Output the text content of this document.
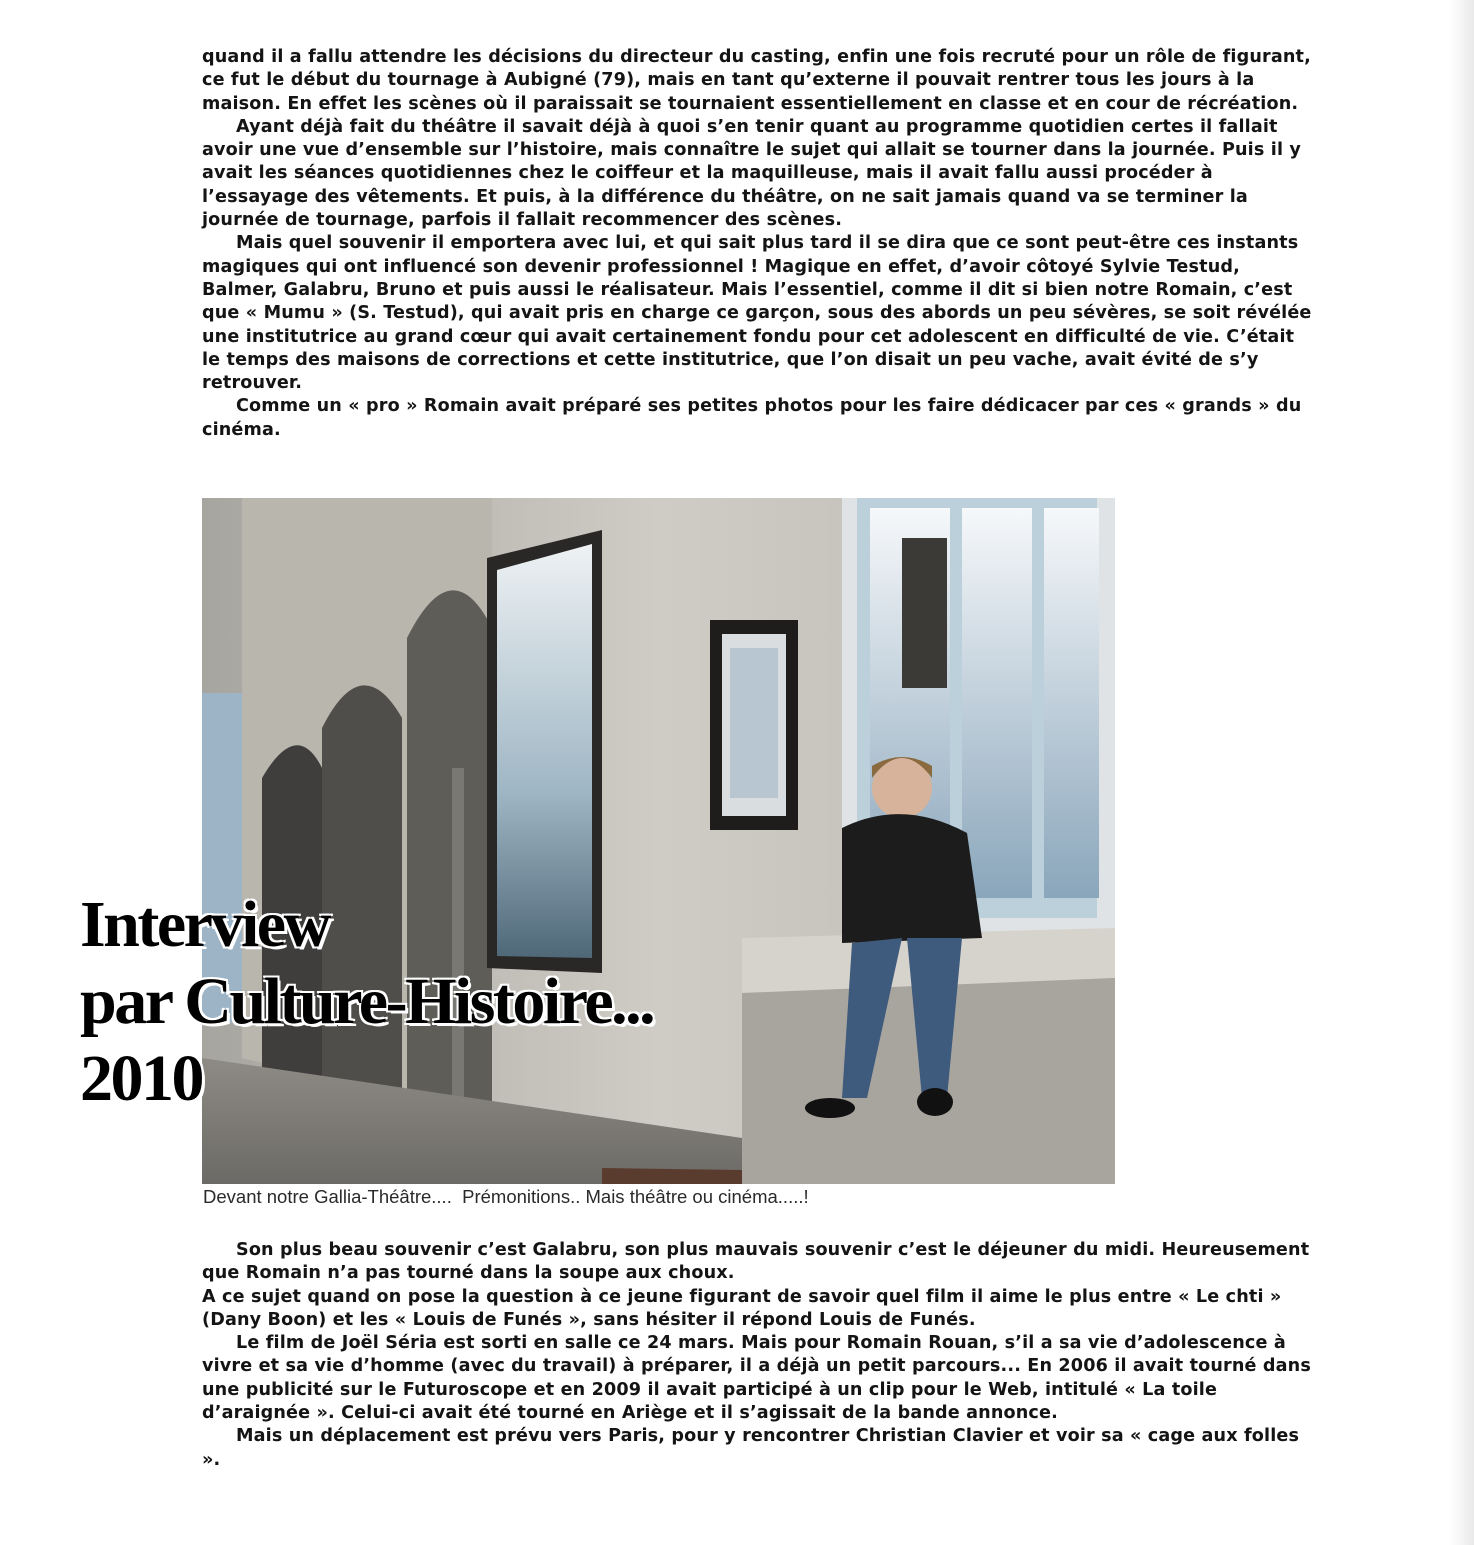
quand il a fallu attendre les décisions du directeur du casting, enfin une fois recruté pour un rôle de figurant, ce fut le début du tournage à Aubigné (79), mais en tant qu’externe il pouvait rentrer tous les jours à la maison. En effet les scènes où il paraissait se tournaient essentiellement en classe et en cour de récréation.

Ayant déjà fait du théâtre il savait déjà à quoi s’en tenir quant au programme quotidien certes il fallait avoir une vue d’ensemble sur l’histoire, mais connaître le sujet qui allait se tourner dans la journée. Puis il y avait les séances quotidiennes chez le coiffeur et la maquilleuse, mais il avait fallu aussi procéder à l’essayage des vêtements. Et puis, à la différence du théâtre, on ne sait jamais quand va se terminer la journée de tournage, parfois il fallait recommencer des scènes.

Mais quel souvenir il emportera avec lui, et qui sait plus tard il se dira que ce sont peut-être ces instants magiques qui ont influencé son devenir professionnel ! Magique en effet, d’avoir côtoyé Sylvie Testud, Balmer, Galabru, Bruno et puis aussi le réalisateur. Mais l’essentiel, comme il dit si bien notre Romain, c’est que « Mumu » (S. Testud), qui avait pris en charge ce garçon, sous des abords un peu sévères, se soit révélée une institutrice au grand cœur qui avait certainement fondu pour cet adolescent en difficulté de vie. C’était le temps des maisons de corrections et cette institutrice, que l’on disait un peu vache, avait évité de s’y retrouver.

Comme un « pro » Romain avait préparé ses petites photos pour les faire dédicacer par ces « grands » du cinéma.

Devant notre Gallia-Théâtre....  Prémonitions.. Mais théâtre ou cinéma.....!
Interview
par Culture-Histoire...
2010

Son plus beau souvenir c’est Galabru, son plus mauvais souvenir c’est le déjeuner du midi. Heureusement que Romain n’a pas tourné dans la soupe aux choux.

A ce sujet quand on pose la question à ce jeune figurant de savoir quel film il aime le plus entre « Le chti » (Dany Boon) et les « Louis de Funés », sans hésiter il répond Louis de Funés.

Le film de Joël Séria est sorti en salle ce 24 mars. Mais pour Romain Rouan, s’il a sa vie d’adolescence à vivre et sa vie d’homme (avec du travail) à préparer, il a déjà un petit parcours... En 2006 il avait tourné dans une publicité sur le Futuroscope et en 2009 il avait participé à un clip pour le Web, intitulé « La toile d’araignée ». Celui-ci avait été tourné en Ariège et il s’agissait de la bande annonce.

Mais un déplacement est prévu vers Paris, pour y rencontrer Christian Clavier et voir sa « cage aux folles ».
